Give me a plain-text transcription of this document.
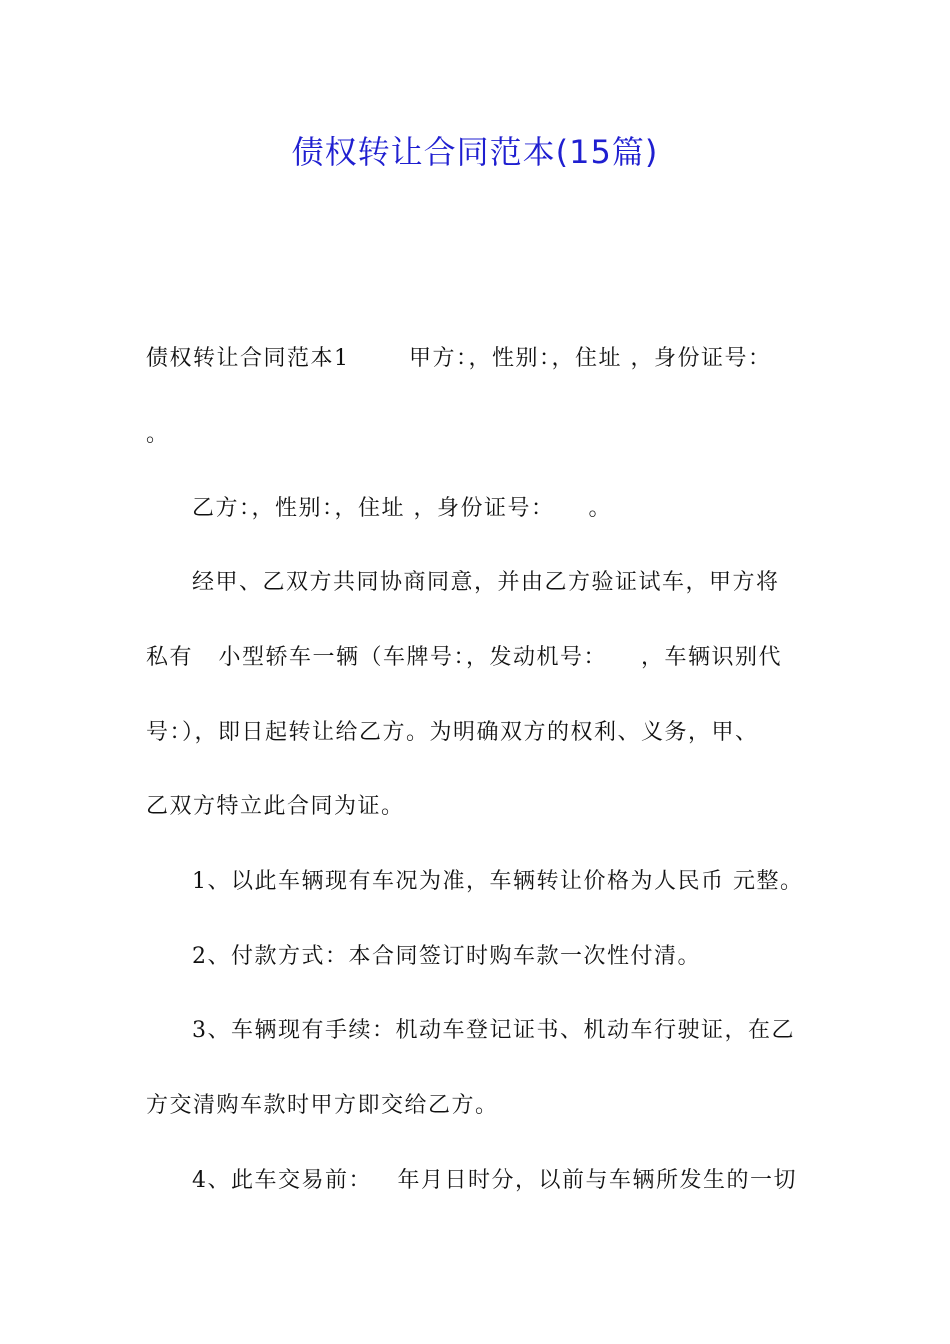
债权转让合同范本(15篇)
债权转让合同范本1       甲方：，性别：，住址 ，身份证号：
。
乙方：，性别：，住址 ，身份证号：    。
经甲、乙双方共同协商同意，并由乙方验证试车，甲方将
私有   小型轿车一辆（车牌号：，发动机号：    ，车辆识别代
号：），即日起转让给乙方。为明确双方的权利、义务，甲、
乙双方特立此合同为证。
1、以此车辆现有车况为准，车辆转让价格为人民币 元整。
2、付款方式：本合同签订时购车款一次性付清。
3、车辆现有手续：机动车登记证书、机动车行驶证，在乙
方交清购车款时甲方即交给乙方。
4、此车交易前：   年月日时分，以前与车辆所发生的一切
